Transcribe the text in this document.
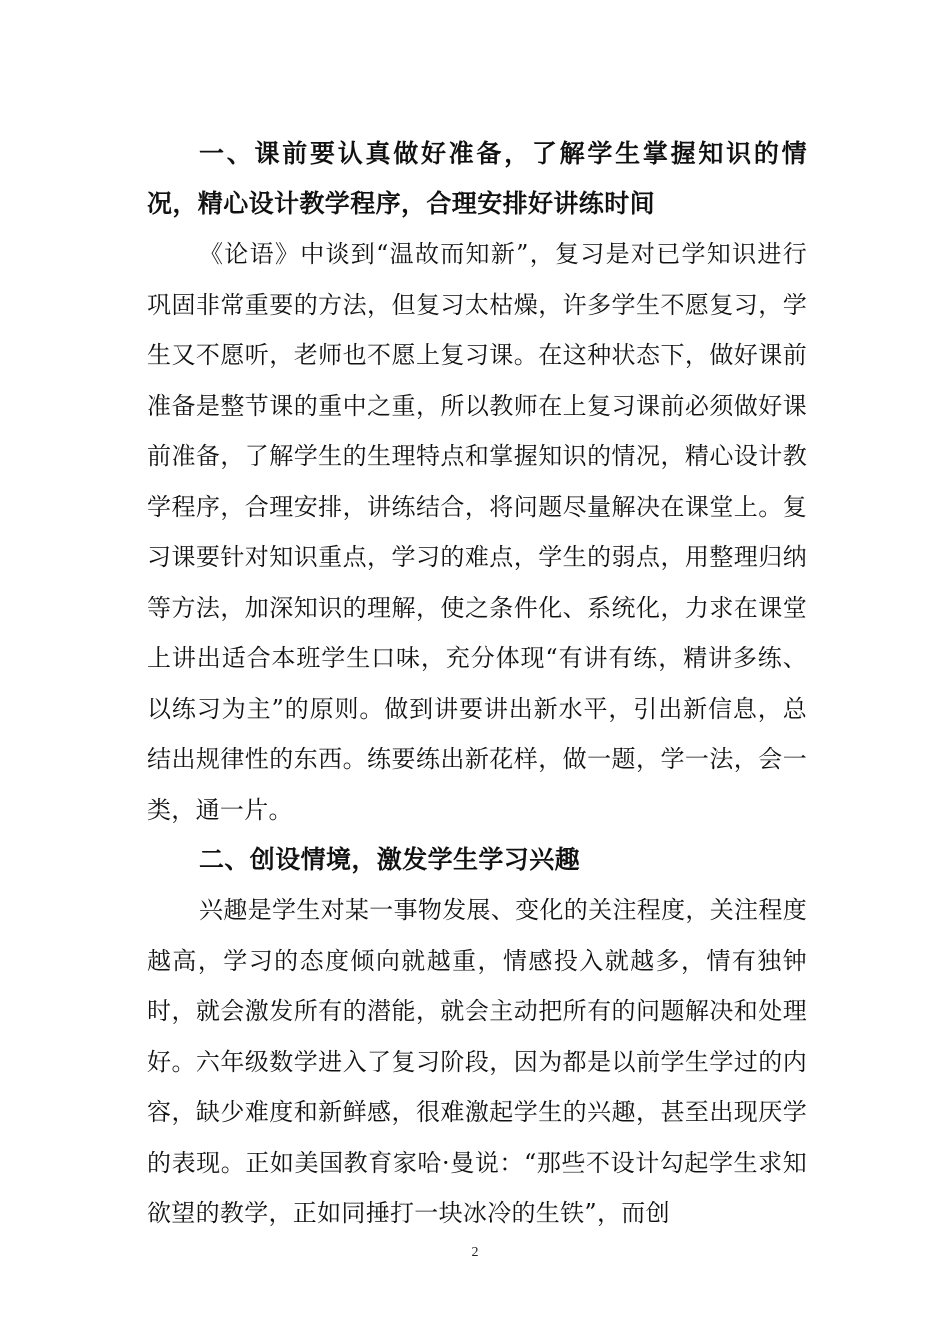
一、课前要认真做好准备，了解学生掌握知识的情况，精心设计教学程序，合理安排好讲练时间

《论语》中谈到“温故而知新”，复习是对已学知识进行巩固非常重要的方法，但复习太枯燥，许多学生不愿复习，学生又不愿听，老师也不愿上复习课。在这种状态下，做好课前准备是整节课的重中之重，所以教师在上复习课前必须做好课前准备，了解学生的生理特点和掌握知识的情况，精心设计教学程序，合理安排，讲练结合，将问题尽量解决在课堂上。复习课要针对知识重点，学习的难点，学生的弱点，用整理归纳等方法，加深知识的理解，使之条件化、系统化，力求在课堂上讲出适合本班学生口味，充分体现“有讲有练，精讲多练、以练习为主”的原则。做到讲要讲出新水平，引出新信息，总结出规律性的东西。练要练出新花样，做一题，学一法，会一类，通一片。

二、创设情境，激发学生学习兴趣

兴趣是学生对某一事物发展、变化的关注程度，关注程度越高，学习的态度倾向就越重，情感投入就越多，情有独钟时，就会激发所有的潜能，就会主动把所有的问题解决和处理好。六年级数学进入了复习阶段，因为都是以前学生学过的内容，缺少难度和新鲜感，很难激起学生的兴趣，甚至出现厌学的表现。正如美国教育家哈·曼说：“那些不设计勾起学生求知欲望的教学，正如同捶打一块冰冷的生铁”，而创

2
